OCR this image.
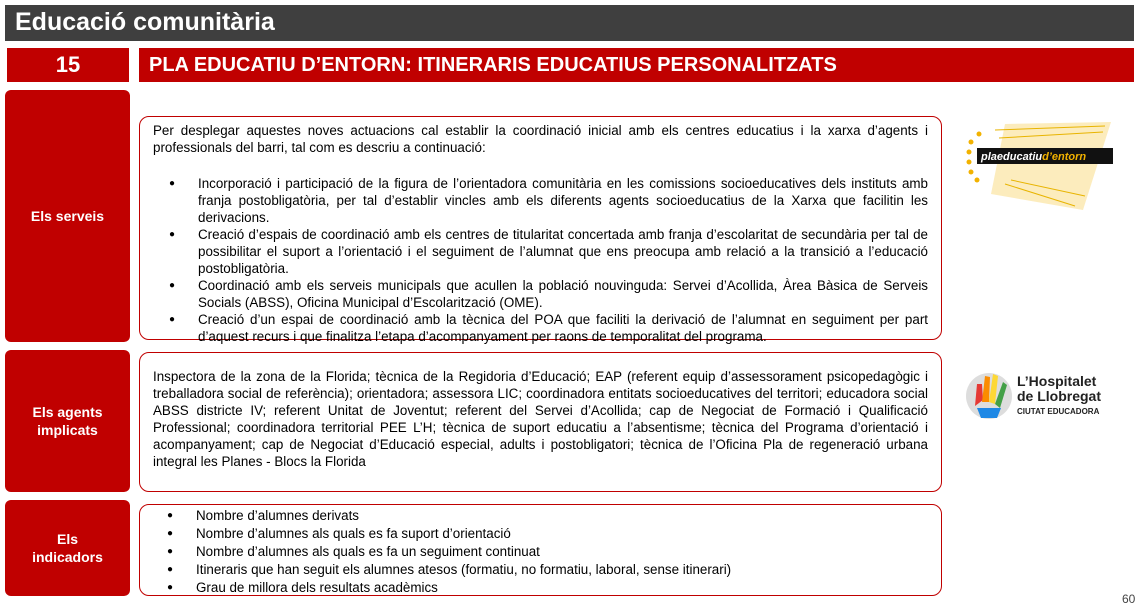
Educació comunitària
15	PLA EDUCATIU D’ENTORN: ITINERARIS EDUCATIUS PERSONALITZATS
Els serveis

Per desplegar aquestes noves actuacions cal establir la coordinació inicial amb els centres educatius i la xarxa d’agents i professionals del barri, tal com es descriu a continuació:

● Incorporació i participació de la figura de l’orientadora comunitària en les comissions socioeducatives dels instituts amb franja postobligatòria, per tal d’establir vincles amb els diferents agents socioeducatius de la Xarxa que facilitin les derivacions.
● Creació d’espais de coordinació amb els centres de titularitat concertada amb franja d’escolaritat de secundària per tal de possibilitar el suport a l’orientació i el seguiment de l’alumnat que ens preocupa amb relació a la transició a l’educació postobligatòria.
● Coordinació amb els serveis municipals que acullen la població nouvinguda: Servei d’Acollida, Àrea Bàsica de Serveis Socials (ABSS), Oficina Municipal d’Escolarització (OME).
● Creació d’un espai de coordinació amb la tècnica del POA que faciliti la derivació de l’alumnat en seguiment per part d’aquest recurs i que finalitza l’etapa d’acompanyament per raons de temporalitat del programa.
Els agents
implicats

Inspectora de la zona de la Florida; tècnica de la Regidoria d’Educació; EAP (referent equip d’assessorament psicopedagògic i treballadora social de referència); orientadora; assessora LIC; coordinadora entitats socioeducatives del territori; educadora social ABSS districte IV; referent Unitat de Joventut; referent del Servei d’Acollida; cap de Negociat de Formació i Qualificació Professional; coordinadora territorial PEE L’H; tècnica de suport educatiu a l’absentisme; tècnica del Programa d’orientació i acompanyament; cap de Negociat d’Educació especial, adults i postobligatori; tècnica de l’Oficina Pla de regeneració urbana integral les Planes - Blocs la Florida

Els
indicadors
● Nombre d’alumnes derivats
● Nombre d’alumnes als quals es fa suport d’orientació
● Nombre d’alumnes als quals es fa un seguiment continuat
● Itineraris que han seguit els alumnes atesos (formatiu, no formatiu, laboral, sense itinerari)
● Grau de millora dels resultats acadèmics
plaeducatiud’entorn
L’Hospitalet
de Llobregat
CIUTAT EDUCADORA
60
